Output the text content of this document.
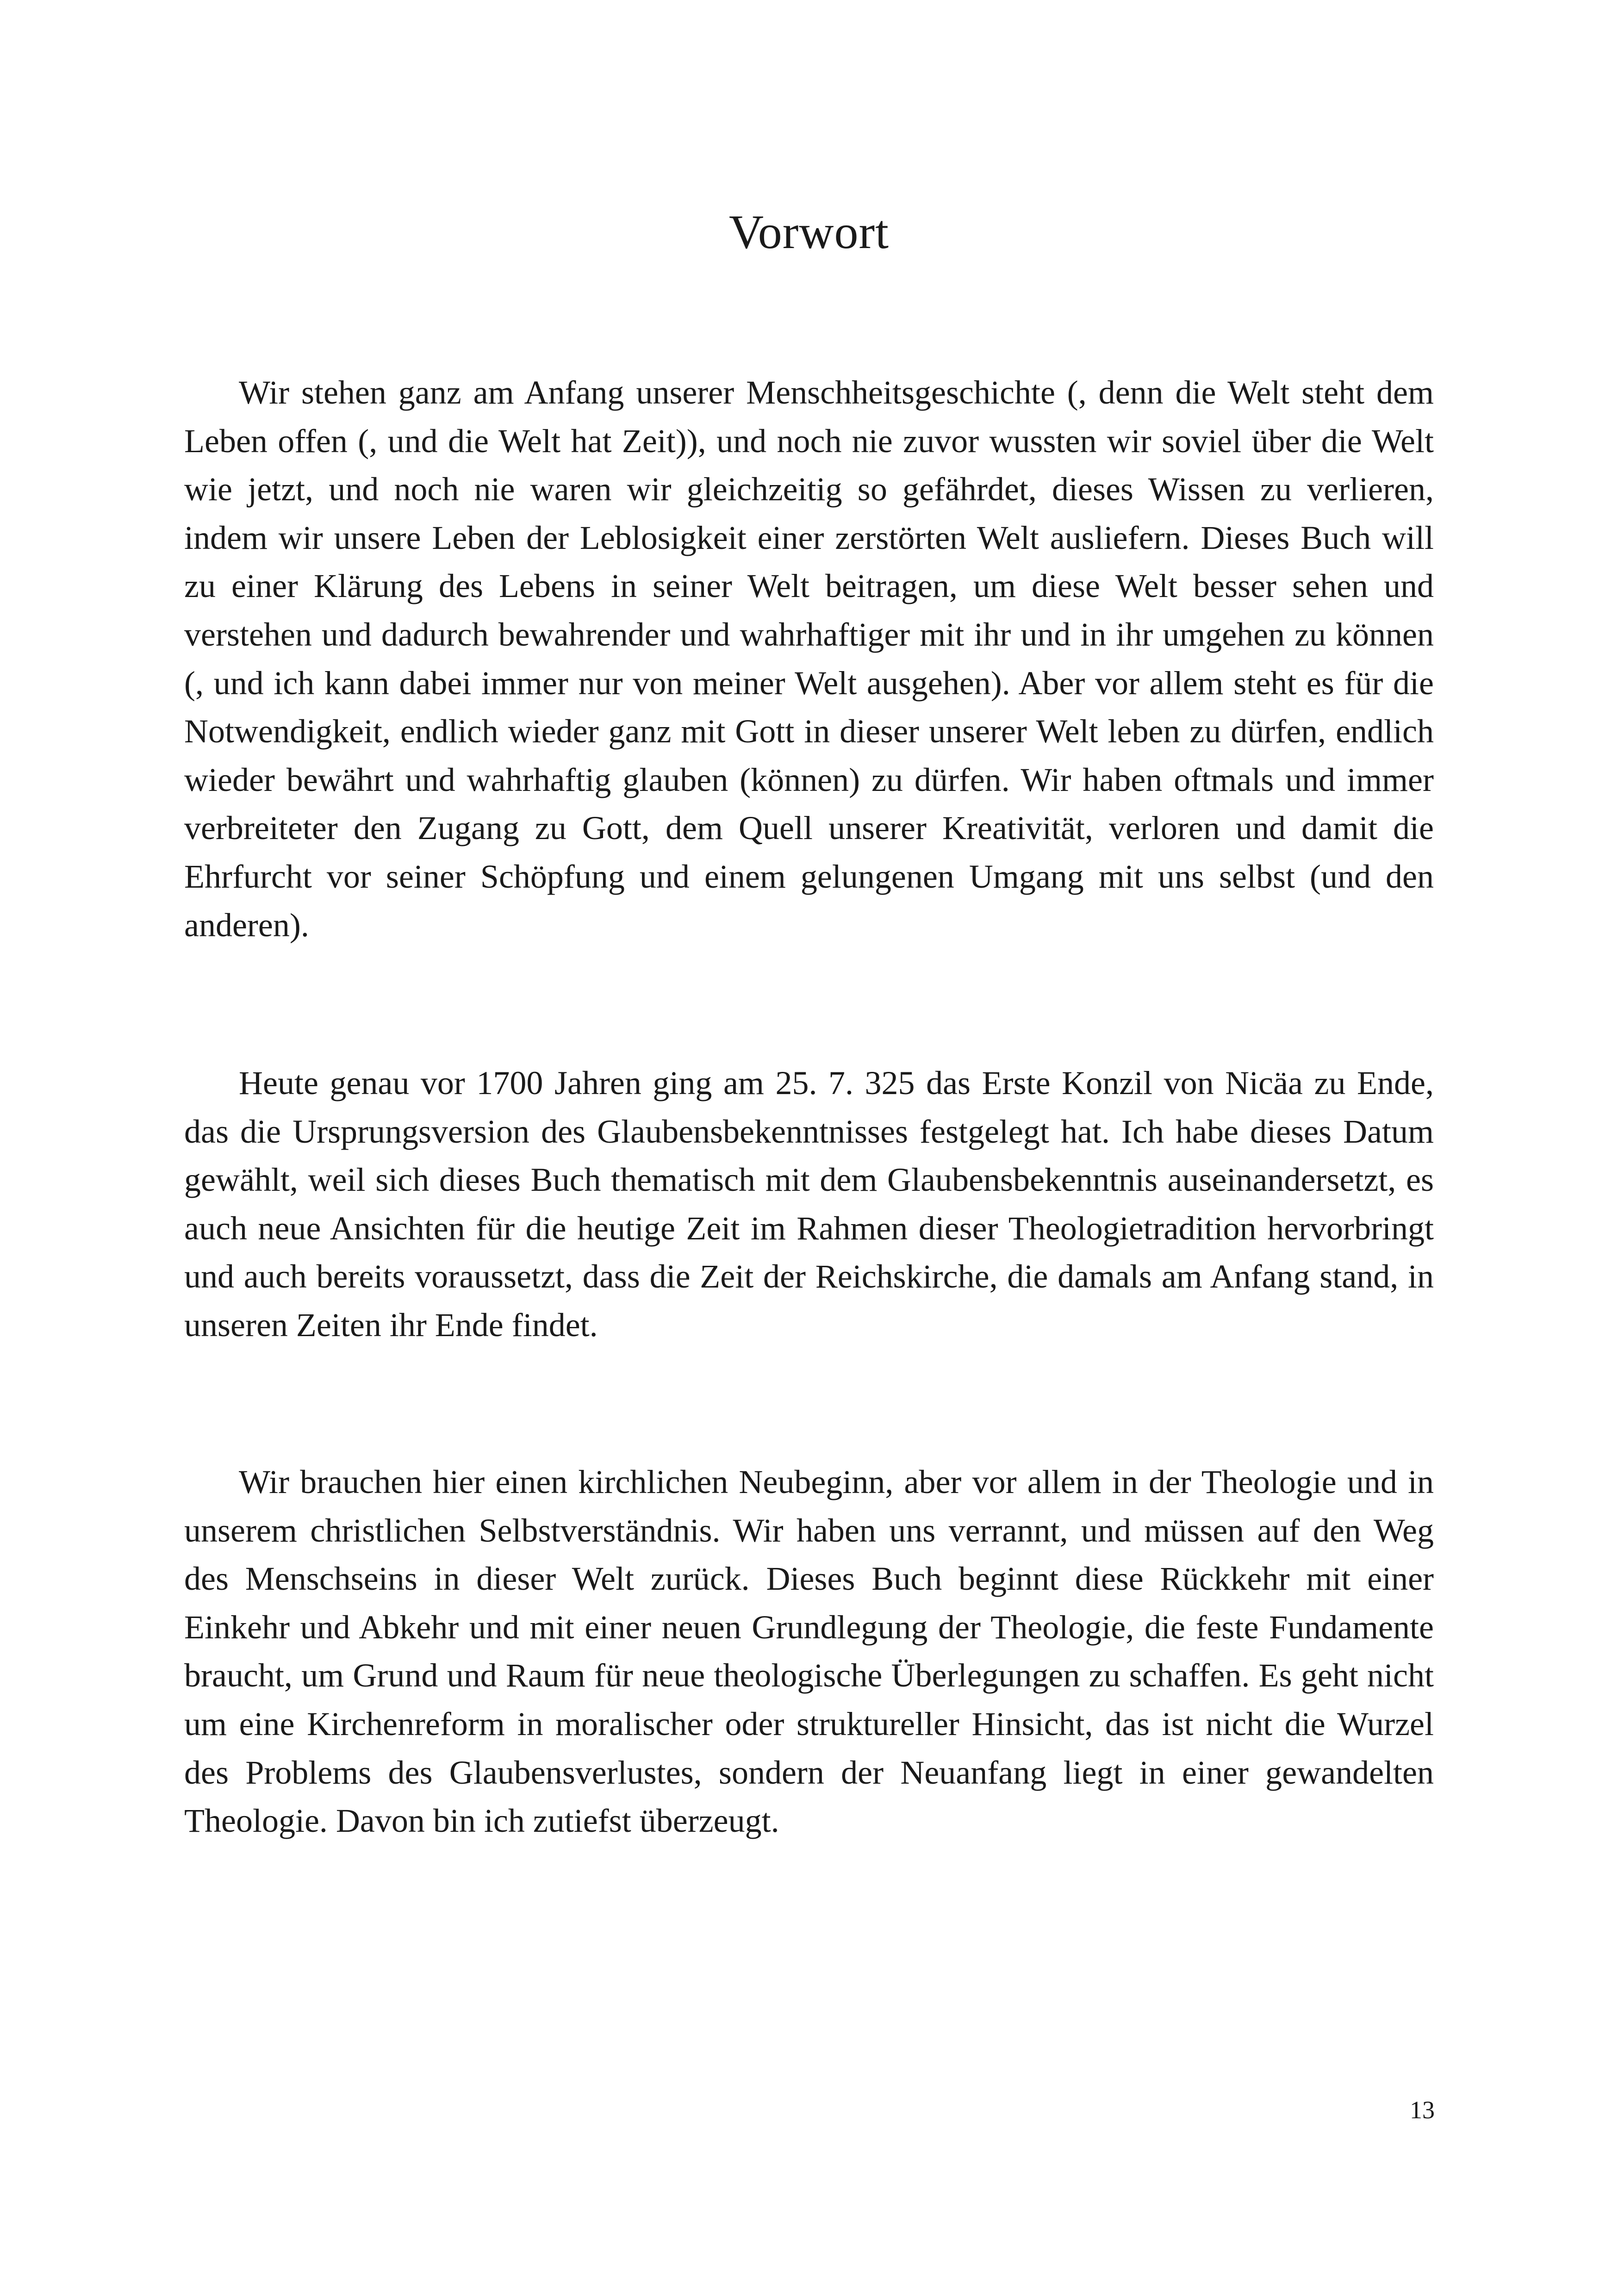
Vorwort

Wir stehen ganz am Anfang unserer Menschheitsgeschichte (, denn die Welt steht dem Leben offen (, und die Welt hat Zeit)), und noch nie zuvor wussten wir soviel über die Welt wie jetzt, und noch nie waren wir gleichzeitig so gefährdet, dieses Wissen zu verlieren, indem wir unsere Leben der Leblosigkeit einer zerstörten Welt ausliefern. Dieses Buch will zu einer Klärung des Lebens in seiner Welt beitragen, um diese Welt besser sehen und verstehen und dadurch bewahrender und wahrhaftiger mit ihr und in ihr umgehen zu können (, und ich kann dabei immer nur von meiner Welt ausgehen). Aber vor allem steht es für die Notwendigkeit, endlich wieder ganz mit Gott in dieser unserer Welt leben zu dürfen, endlich wieder bewährt und wahrhaftig glauben (können) zu dürfen. Wir haben oftmals und immer verbreiteter den Zugang zu Gott, dem Quell unserer Kreativität, verloren und damit die Ehrfurcht vor seiner Schöpfung und einem gelungenen Umgang mit uns selbst (und den anderen).

Heute genau vor 1700 Jahren ging am 25. 7. 325 das Erste Konzil von Nicäa zu Ende, das die Ursprungsversion des Glaubensbekenntnisses festgelegt hat. Ich habe dieses Datum gewählt, weil sich dieses Buch thematisch mit dem Glaubensbekenntnis auseinandersetzt, es auch neue Ansichten für die heutige Zeit im Rahmen dieser Theologietradition hervorbringt und auch bereits voraussetzt, dass die Zeit der Reichskirche, die damals am Anfang stand, in unseren Zeiten ihr Ende findet.

Wir brauchen hier einen kirchlichen Neubeginn, aber vor allem in der Theologie und in unserem christlichen Selbstverständnis. Wir haben uns verrannt, und müssen auf den Weg des Menschseins in dieser Welt zurück. Dieses Buch beginnt diese Rückkehr mit einer Einkehr und Abkehr und mit einer neuen Grundlegung der Theologie, die feste Fundamente braucht, um Grund und Raum für neue theologische Überlegungen zu schaffen. Es geht nicht um eine Kirchenreform in moralischer oder struktureller Hinsicht, das ist nicht die Wurzel des Problems des Glaubensverlustes, sondern der Neuanfang liegt in einer gewandelten Theologie. Davon bin ich zutiefst überzeugt.

13
